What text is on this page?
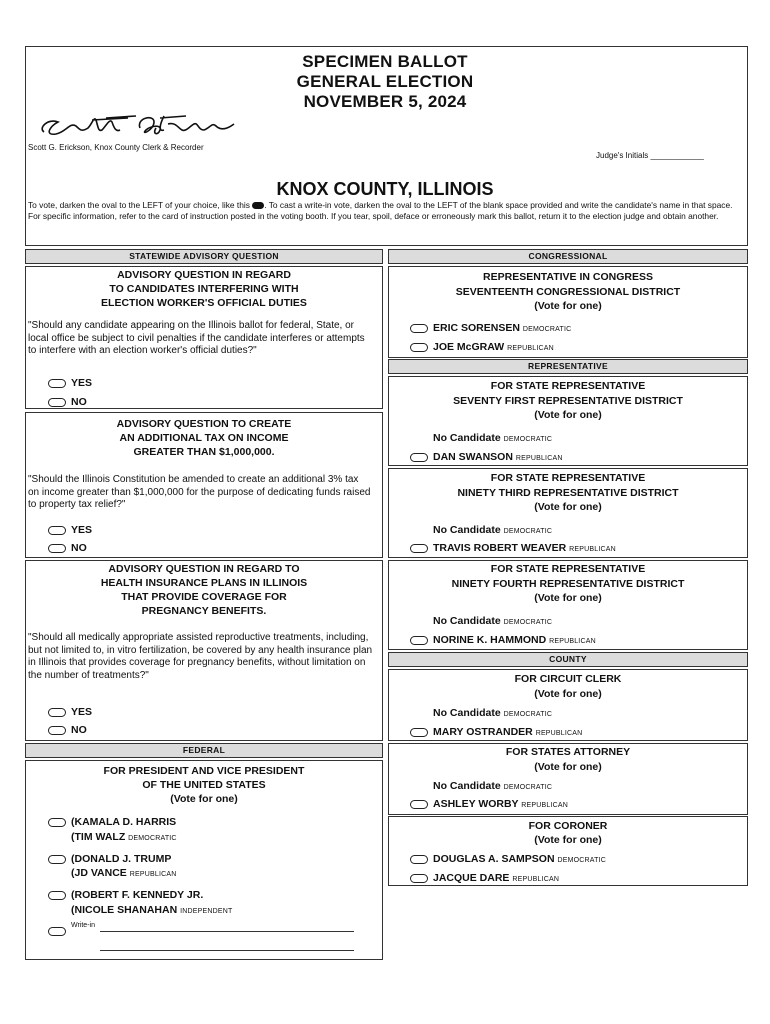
SPECIMEN BALLOT
GENERAL ELECTION
NOVEMBER 5, 2024
Scott G. Erickson, Knox County Clerk & Recorder
Judge's Initials ____________
KNOX COUNTY, ILLINOIS
To vote, darken the oval to the LEFT of your choice, like this . To cast a write-in vote, darken the oval to the LEFT of the blank space provided and write the candidate's name in that space. For specific information, refer to the card of instruction posted in the voting booth. If you tear, spoil, deface or erroneously mark this ballot, return it to the election judge and obtain another.
STATEWIDE ADVISORY QUESTION
ADVISORY QUESTION IN REGARD
TO CANDIDATES INTERFERING WITH
ELECTION WORKER'S OFFICIAL DUTIES
"Should any candidate appearing on the Illinois ballot for federal, State, or local office be subject to civil penalties if the candidate interferes or attempts to interfere with an election worker's official duties?"
YES
NO
ADVISORY QUESTION TO CREATE
AN ADDITIONAL TAX ON INCOME
GREATER THAN $1,000,000.
"Should the Illinois Constitution be amended to create an additional 3% tax on income greater than $1,000,000 for the purpose of dedicating funds raised to property tax relief?"
YES
NO
ADVISORY QUESTION IN REGARD TO
HEALTH INSURANCE PLANS IN ILLINOIS
THAT PROVIDE COVERAGE FOR
PREGNANCY BENEFITS.
"Should all medically appropriate assisted reproductive treatments, including, but not limited to, in vitro fertilization, be covered by any health insurance plan in Illinois that provides coverage for pregnancy benefits, without limitation on the number of treatments?"
YES
NO
FEDERAL
FOR PRESIDENT AND VICE PRESIDENT
OF THE UNITED STATES
(Vote for one)
(KAMALA D. HARRIS
(TIM WALZ DEMOCRATIC
(DONALD J. TRUMP
(JD VANCE REPUBLICAN
(ROBERT F. KENNEDY JR.
(NICOLE SHANAHAN INDEPENDENT
Write-in
CONGRESSIONAL
REPRESENTATIVE IN CONGRESS
SEVENTEENTH CONGRESSIONAL DISTRICT
(Vote for one)
ERIC SORENSEN DEMOCRATIC
JOE McGRAW REPUBLICAN
REPRESENTATIVE
FOR STATE REPRESENTATIVE
SEVENTY FIRST REPRESENTATIVE DISTRICT
(Vote for one)
No Candidate DEMOCRATIC
DAN SWANSON REPUBLICAN
FOR STATE REPRESENTATIVE
NINETY THIRD REPRESENTATIVE DISTRICT
(Vote for one)
No Candidate DEMOCRATIC
TRAVIS ROBERT WEAVER REPUBLICAN
FOR STATE REPRESENTATIVE
NINETY FOURTH REPRESENTATIVE DISTRICT
(Vote for one)
No Candidate DEMOCRATIC
NORINE K. HAMMOND REPUBLICAN
COUNTY
FOR CIRCUIT CLERK
(Vote for one)
No Candidate DEMOCRATIC
MARY OSTRANDER REPUBLICAN
FOR STATES ATTORNEY
(Vote for one)
No Candidate DEMOCRATIC
ASHLEY WORBY REPUBLICAN
FOR CORONER
(Vote for one)
DOUGLAS A. SAMPSON DEMOCRATIC
JACQUE DARE REPUBLICAN
